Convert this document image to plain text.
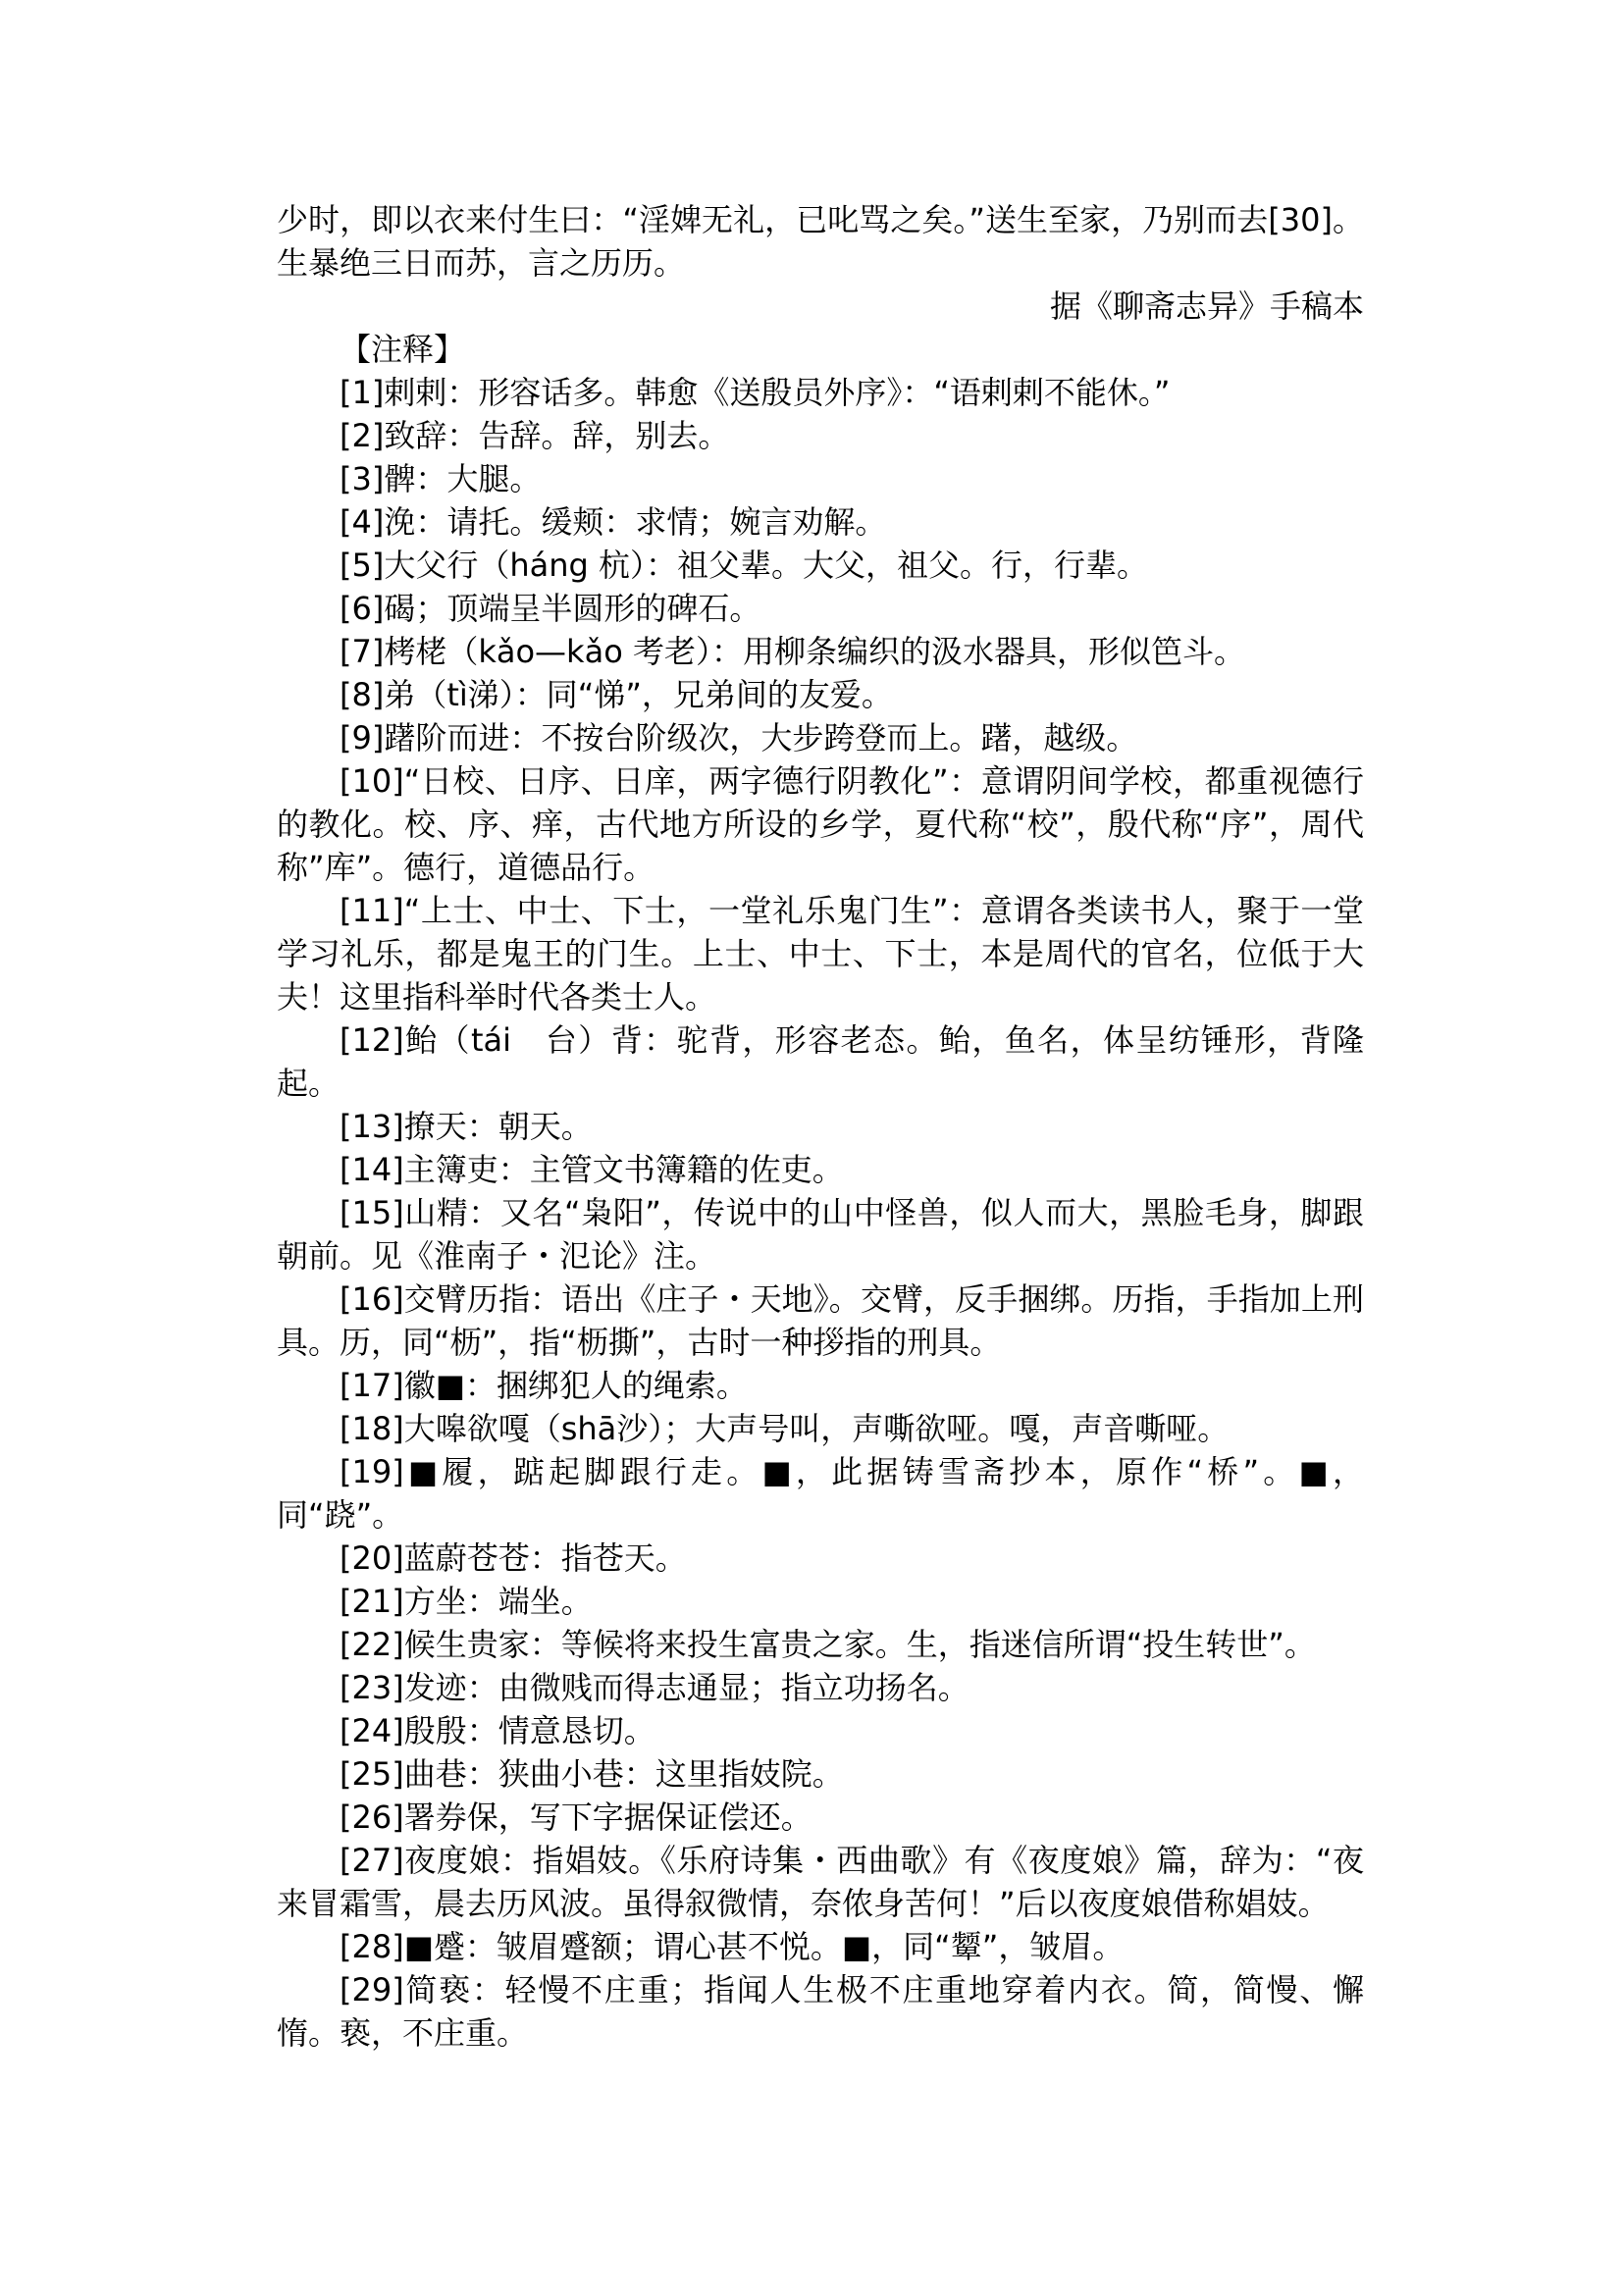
少时，即以衣来付生曰：“淫婢无礼，已叱骂之矣。”送生至家，乃别而去[30]。生暴绝三日而苏，言之历历。

据《聊斋志异》手稿本

【注释】

[1]剌剌：形容话多。韩愈《送殷员外序》：“语剌剌不能休。”

[2]致辞：告辞。辞，别去。

[3]髀：大腿。

[4]浼：请托。缓颊：求情；婉言劝解。

[5]大父行（háng 杭）：祖父辈。大父，祖父。行，行辈。

[6]碣；顶端呈半圆形的碑石。

[7]栲栳（kǎo—kǎo 考老）：用柳条编织的汲水器具，形似笆斗。

[8]弟（tì涕）：同“悌”，兄弟间的友爱。

[9]躇阶而进：不按台阶级次，大步跨登而上。躇，越级。

[10]“日校、日序、日庠，两字德行阴教化”：意谓阴间学校，都重视德行的教化。校、序、痒，古代地方所设的乡学，夏代称“校”，殷代称“序”，周代称”库”。德行，道德品行。

[11]“上士、中士、下士，一堂礼乐鬼门生”：意谓各类读书人，聚于一堂学习礼乐，都是鬼王的门生。上士、中士、下士，本是周代的官名，位低于大夫！这里指科举时代各类士人。

[12]鲐（tái　台）背：驼背，形容老态。鲐，鱼名，体呈纺锤形，背隆起。

[13]撩天：朝天。

[14]主簿吏：主管文书簿籍的佐吏。

[15]山精：又名“枭阳”，传说中的山中怪兽，似人而大，黑脸毛身，脚跟朝前。见《淮南子・氾论》注。

[16]交臂历指：语出《庄子・天地》。交臂，反手捆绑。历指，手指加上刑具。历，同“枥”，指“枥撕”，古时一种拶指的刑具。

[17]徽■：捆绑犯人的绳索。

[18]大嗥欲嘎（shā沙）；大声号叫，声嘶欲哑。嘎，声音嘶哑。

[19]■履，踮起脚跟行走。■，此据铸雪斋抄本，原作“桥”。■，同“跷”。

[20]蓝蔚苍苍：指苍天。

[21]方坐：端坐。

[22]候生贵家：等候将来投生富贵之家。生，指迷信所谓“投生转世”。

[23]发迹：由微贱而得志通显；指立功扬名。

[24]殷殷：情意恳切。

[25]曲巷：狭曲小巷：这里指妓院。

[26]署券保，写下字据保证偿还。

[27]夜度娘：指娼妓。《乐府诗集・西曲歌》有《夜度娘》篇，辞为：“夜来冒霜雪，晨去历风波。虽得叙微情，奈侬身苦何！”后以夜度娘借称娼妓。

[28]■蹙：皱眉蹙额；谓心甚不悦。■，同“颦”，皱眉。

[29]简亵：轻慢不庄重；指闻人生极不庄重地穿着内衣。简，简慢、懈惰。亵，不庄重。
